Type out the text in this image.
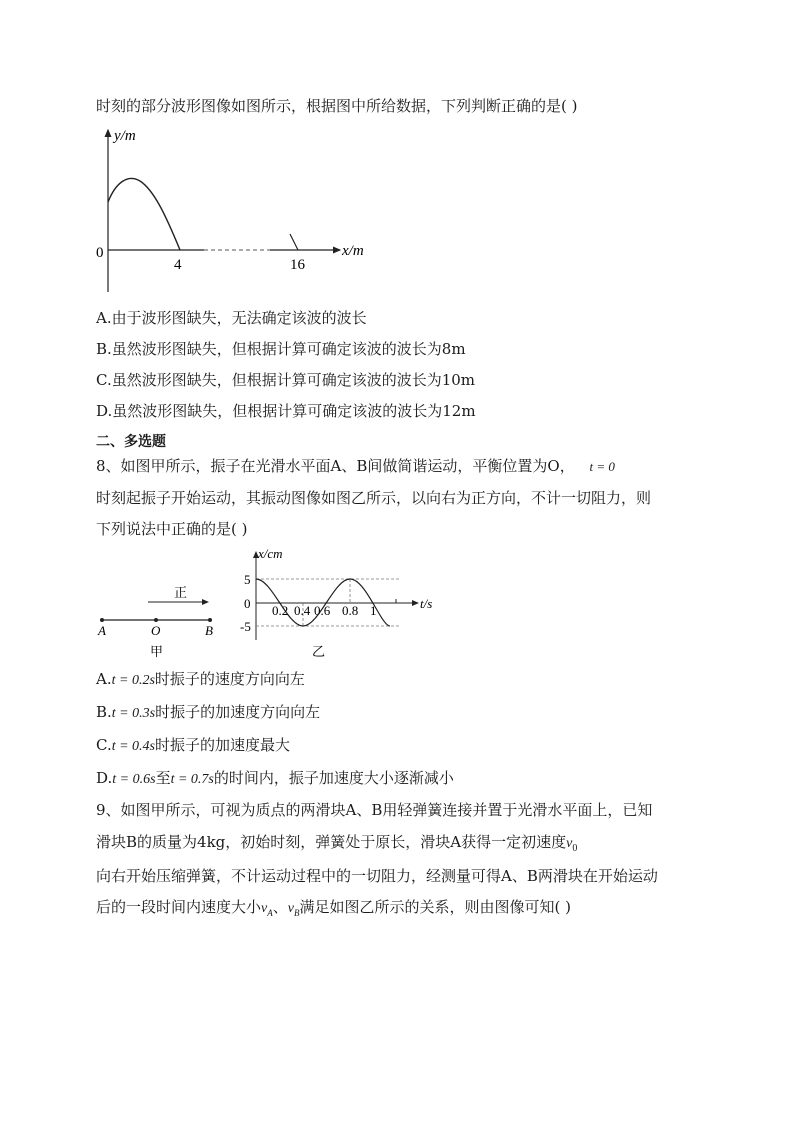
时刻的部分波形图像如图所示，根据图中所给数据，下列判断正确的是( )
y/m
x/m
0
4	16
A.由于波形图缺失，无法确定该波的波长
B.虽然波形图缺失，但根据计算可确定该波的波长为8m
C.虽然波形图缺失，但根据计算可确定该波的波长为10m
D.虽然波形图缺失，但根据计算可确定该波的波长为12m
二、多选题
8、如图甲所示，振子在光滑水平面A、B间做简谐运动，平衡位置为O， t = 0
时刻起振子开始运动，其振动图像如图乙所示，以向右为正方向，不计一切阻力，则
下列说法中正确的是( )
正
A	O	B
甲
x/cm
t/s
5
0
-5
0.2 0.4 0.6 0.8 1
乙
A.t = 0.2s时振子的速度方向向左
B.t = 0.3s时振子的加速度方向向左
C.t = 0.4s时振子的加速度最大
D.t = 0.6s至t = 0.7s的时间内，振子加速度大小逐渐减小
9、如图甲所示，可视为质点的两滑块A、B用轻弹簧连接并置于光滑水平面上，已知
滑块B的质量为4kg，初始时刻，弹簧处于原长，滑块A获得一定初速度$v_0$
向右开始压缩弹簧，不计运动过程中的一切阻力，经测量可得A、B两滑块在开始运动
后的一段时间内速度大小$v_A$、$v_B$满足如图乙所示的关系，则由图像可知( )
